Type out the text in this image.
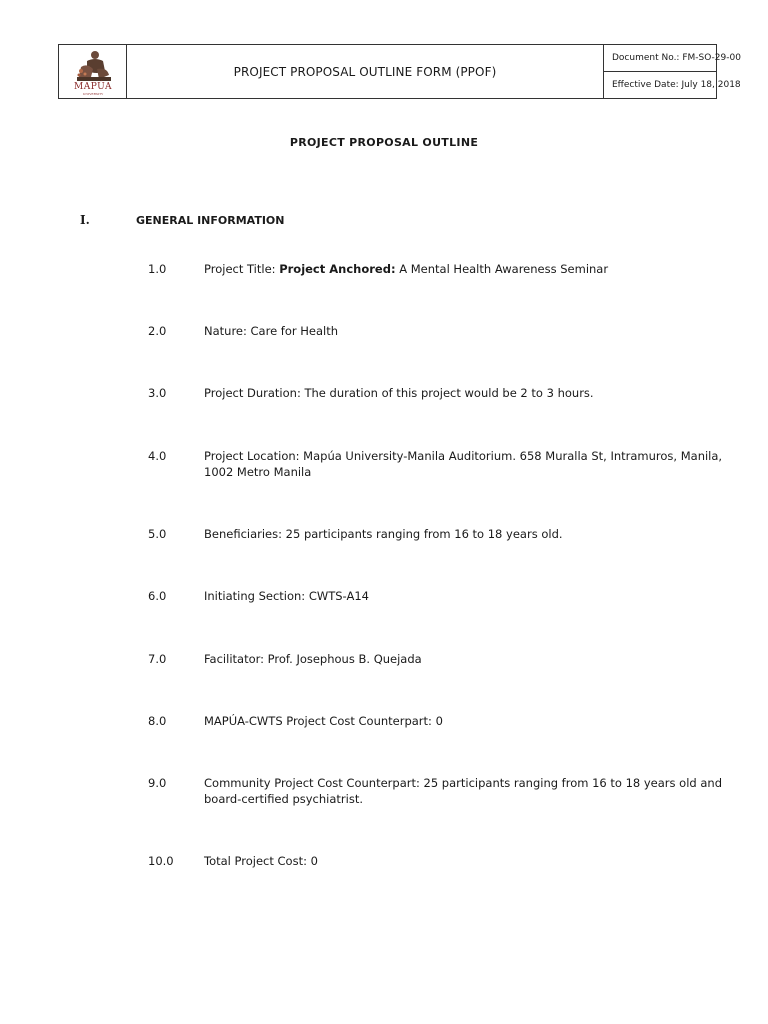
MAPÚA
UNIVERSITY
PROJECT PROPOSAL OUTLINE FORM (PPOF)
Document No.: FM-SO-29-00
Effective Date: July 18, 2018
PROJECT PROPOSAL OUTLINE
I.	GENERAL INFORMATION
1.0	Project Title: Project Anchored: A Mental Health Awareness Seminar
2.0	Nature: Care for Health
3.0	Project Duration: The duration of this project would be 2 to 3 hours.
4.0	Project Location: Mapúa University-Manila Auditorium. 658 Muralla St, Intramuros, Manila, 1002 Metro Manila
5.0	Beneficiaries: 25 participants ranging from 16 to 18 years old.
6.0	Initiating Section: CWTS-A14
7.0	Facilitator: Prof. Josephous B. Quejada
8.0	MAPÚA-CWTS Project Cost Counterpart: 0
9.0	Community Project Cost Counterpart: 25 participants ranging from 16 to 18 years old and board-certified psychiatrist.
10.0	Total Project Cost: 0
